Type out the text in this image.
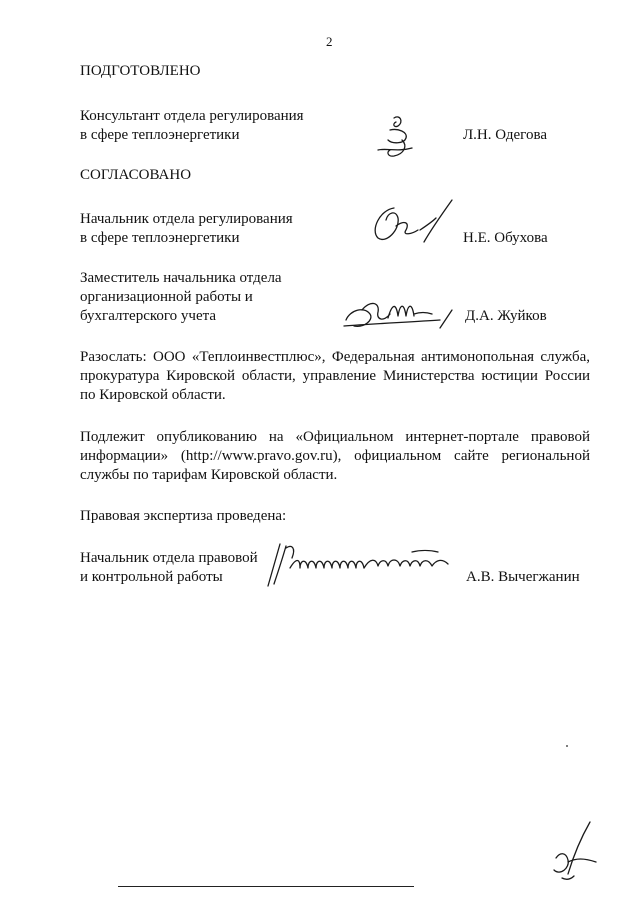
2
ПОДГОТОВЛЕНО
Консультант отдела регулирования
в сфере теплоэнергетики	Л.Н. Одегова
СОГЛАСОВАНО
Начальник отдела регулирования
в сфере теплоэнергетики	Н.Е. Обухова
Заместитель начальника отдела
организационной работы и
бухгалтерского учета	Д.А. Жуйков
Разослать: ООО «Теплоинвестплюс», Федеральная антимонопольная служба, прокуратура Кировской области, управление Министерства юстиции России по Кировской области.
Подлежит опубликованию на «Официальном интернет-портале правовой информации» (http://www.pravo.gov.ru), официальном сайте региональной службы по тарифам Кировской области.
Правовая экспертиза проведена:
Начальник отдела правовой
и контрольной работы	А.В. Вычегжанин
